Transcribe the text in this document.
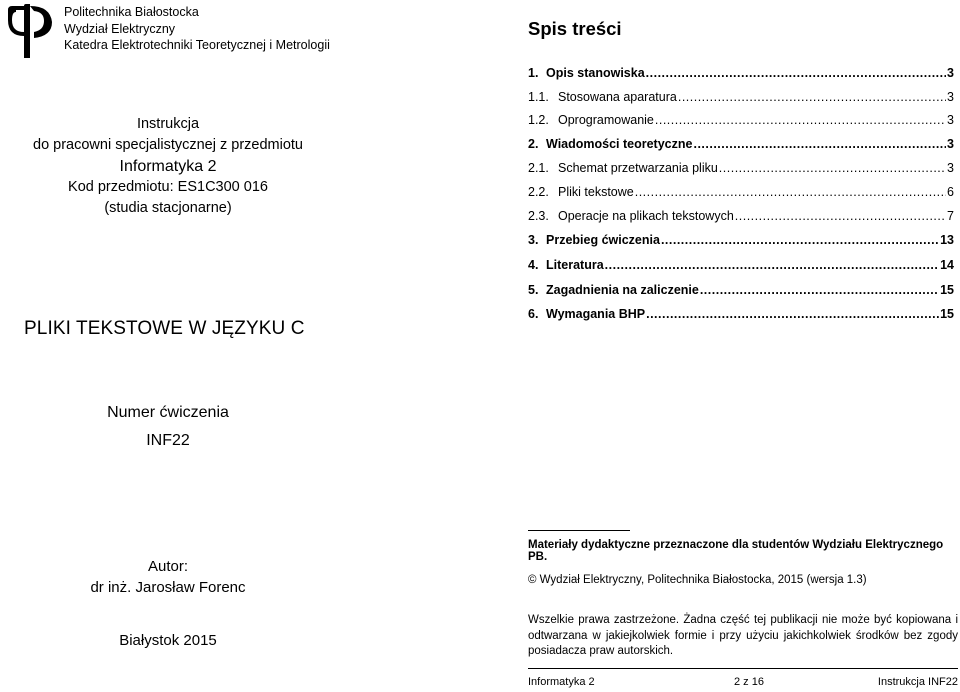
Politechnika Białostocka
Wydział Elektryczny
Katedra Elektrotechniki Teoretycznej i Metrologii
Instrukcja
do pracowni specjalistycznej z przedmiotu
Informatyka 2
Kod przedmiotu: ES1C300 016
(studia stacjonarne)
PLIKI TEKSTOWE W JĘZYKU C
Numer ćwiczenia
INF22
Autor:
dr inż. Jarosław Forenc
Białystok 2015
Spis treści
1. Opis stanowiska .....	3
1.1. Stosowana aparatura .....	3
1.2. Oprogramowanie .....	3
2. Wiadomości teoretyczne .....	3
2.1. Schemat przetwarzania pliku .....	3
2.2. Pliki tekstowe .....	6
2.3. Operacje na plikach tekstowych .....	7
3. Przebieg ćwiczenia .....	13
4. Literatura .....	14
5. Zagadnienia na zaliczenie .....	15
6. Wymagania BHP .....	15
Materiały dydaktyczne przeznaczone dla studentów Wydziału Elektrycznego PB.
© Wydział Elektryczny, Politechnika Białostocka, 2015 (wersja 1.3)
Wszelkie prawa zastrzeżone. Żadna część tej publikacji nie może być kopiowana i odtwarzana w jakiejkolwiek formie i przy użyciu jakichkolwiek środków bez zgody posiadacza praw autorskich.
Informatyka 2	2 z 16	Instrukcja INF22
